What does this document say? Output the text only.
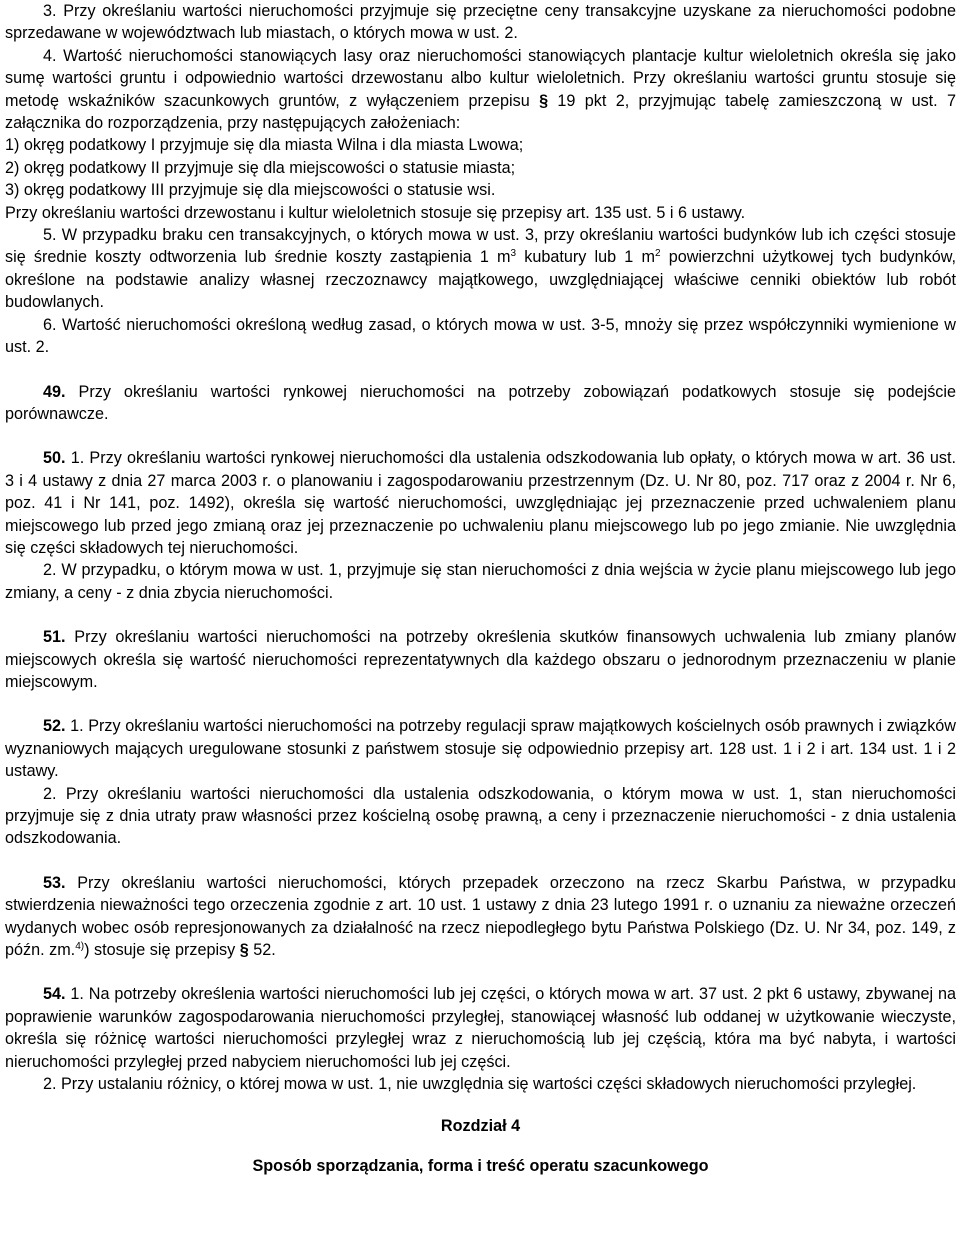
3. Przy określaniu wartości nieruchomości przyjmuje się przeciętne ceny transakcyjne uzyskane za nieruchomości podobne sprzedawane w województwach lub miastach, o których mowa w ust. 2.

4. Wartość nieruchomości stanowiących lasy oraz nieruchomości stanowiących plantacje kultur wieloletnich określa się jako sumę wartości gruntu i odpowiednio wartości drzewostanu albo kultur wieloletnich. Przy określaniu wartości gruntu stosuje się metodę wskaźników szacunkowych gruntów, z wyłączeniem przepisu § 19 pkt 2, przyjmując tabelę zamieszczoną w ust. 7 załącznika do rozporządzenia, przy następujących założeniach:

1) okręg podatkowy I przyjmuje się dla miasta Wilna i dla miasta Lwowa;

2) okręg podatkowy II przyjmuje się dla miejscowości o statusie miasta;

3) okręg podatkowy III przyjmuje się dla miejscowości o statusie wsi.

Przy określaniu wartości drzewostanu i kultur wieloletnich stosuje się przepisy art. 135 ust. 5 i 6 ustawy.

5. W przypadku braku cen transakcyjnych, o których mowa w ust. 3, przy określaniu wartości budynków lub ich części stosuje się średnie koszty odtworzenia lub średnie koszty zastąpienia 1 $m^3$ kubatury lub 1 $m^2$ powierzchni użytkowej tych budynków, określone na podstawie analizy własnej rzeczoznawcy majątkowego, uwzględniającej właściwe cenniki obiektów lub robót budowlanych.

6. Wartość nieruchomości określoną według zasad, o których mowa w ust. 3-5, mnoży się przez współczynniki wymienione w ust. 2.

49. Przy określaniu wartości rynkowej nieruchomości na potrzeby zobowiązań podatkowych stosuje się podejście porównawcze.

50. 1. Przy określaniu wartości rynkowej nieruchomości dla ustalenia odszkodowania lub opłaty, o których mowa w art. 36 ust. 3 i 4 ustawy z dnia 27 marca 2003 r. o planowaniu i zagospodarowaniu przestrzennym (Dz. U. Nr 80, poz. 717 oraz z 2004 r. Nr 6, poz. 41 i Nr 141, poz. 1492), określa się wartość nieruchomości, uwzględniając jej przeznaczenie przed uchwaleniem planu miejscowego lub przed jego zmianą oraz jej przeznaczenie po uchwaleniu planu miejscowego lub po jego zmianie. Nie uwzględnia się części składowych tej nieruchomości.

2. W przypadku, o którym mowa w ust. 1, przyjmuje się stan nieruchomości z dnia wejścia w życie planu miejscowego lub jego zmiany, a ceny - z dnia zbycia nieruchomości.

51. Przy określaniu wartości nieruchomości na potrzeby określenia skutków finansowych uchwalenia lub zmiany planów miejscowych określa się wartość nieruchomości reprezentatywnych dla każdego obszaru o jednorodnym przeznaczeniu w planie miejscowym.

52. 1. Przy określaniu wartości nieruchomości na potrzeby regulacji spraw majątkowych kościelnych osób prawnych i związków wyznaniowych mających uregulowane stosunki z państwem stosuje się odpowiednio przepisy art. 128 ust. 1 i 2 i art. 134 ust. 1 i 2 ustawy.

2. Przy określaniu wartości nieruchomości dla ustalenia odszkodowania, o którym mowa w ust. 1, stan nieruchomości przyjmuje się z dnia utraty praw własności przez kościelną osobę prawną, a ceny i przeznaczenie nieruchomości - z dnia ustalenia odszkodowania.

53. Przy określaniu wartości nieruchomości, których przepadek orzeczono na rzecz Skarbu Państwa, w przypadku stwierdzenia nieważności tego orzeczenia zgodnie z art. 10 ust. 1 ustawy z dnia 23 lutego 1991 r. o uznaniu za nieważne orzeczeń wydanych wobec osób represjonowanych za działalność na rzecz niepodległego bytu Państwa Polskiego (Dz. U. Nr 34, poz. 149, z późn. zm.$^{4)}$) stosuje się przepisy § 52.

54. 1. Na potrzeby określenia wartości nieruchomości lub jej części, o których mowa w art. 37 ust. 2 pkt 6 ustawy, zbywanej na poprawienie warunków zagospodarowania nieruchomości przyległej, stanowiącej własność lub oddanej w użytkowanie wieczyste, określa się różnicę wartości nieruchomości przyległej wraz z nieruchomością lub jej częścią, która ma być nabyta, i wartości nieruchomości przyległej przed nabyciem nieruchomości lub jej części.

2. Przy ustalaniu różnicy, o której mowa w ust. 1, nie uwzględnia się wartości części składowych nieruchomości przyległej.

Rozdział 4

Sposób sporządzania, forma i treść operatu szacunkowego
